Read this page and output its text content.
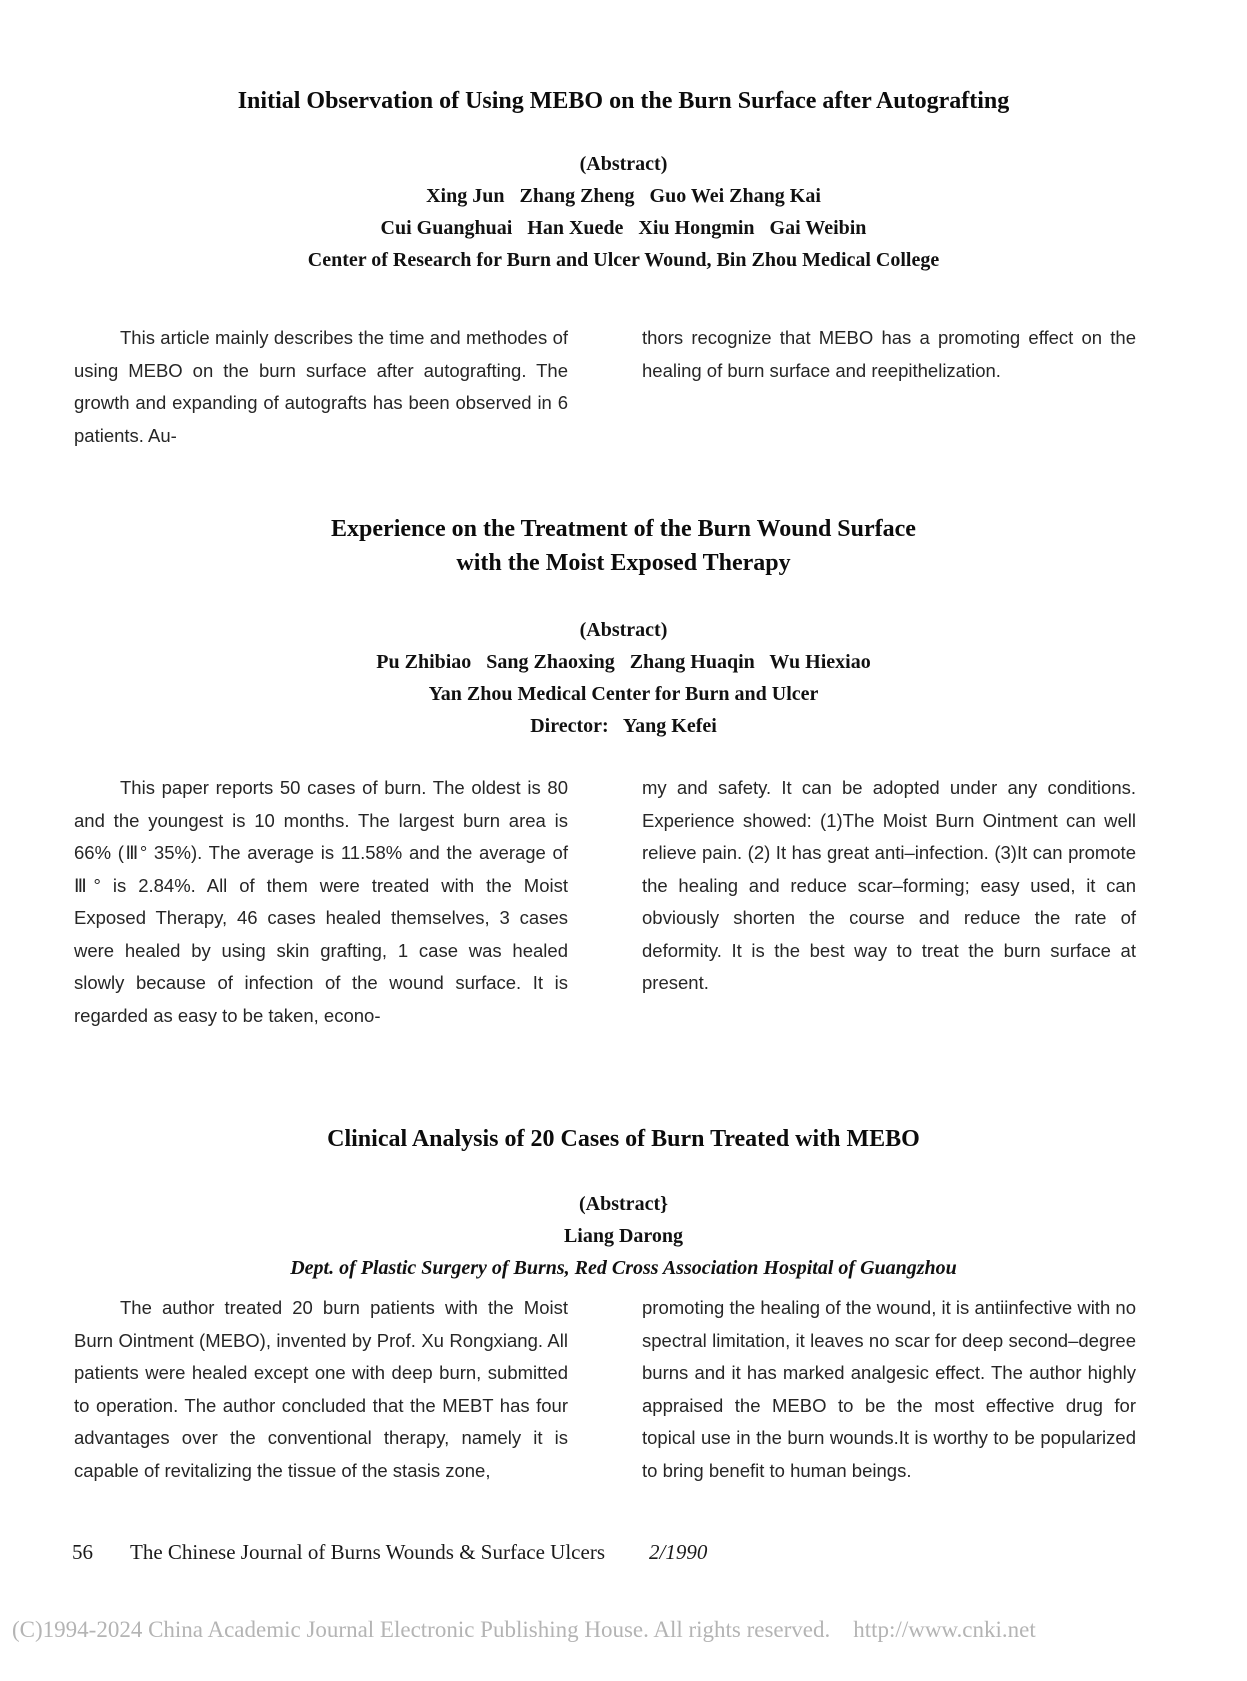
Initial Observation of Using MEBO on the Burn Surface after Autografting
(Abstract)
Xing Jun   Zhang Zheng   Guo Wei Zhang Kai
Cui Guanghuai   Han Xuede   Xiu Hongmin   Gai Weibin
Center of Research for Burn and Ulcer Wound, Bin Zhou Medical College

This article mainly describes the time and methodes of using MEBO on the burn surface after autografting. The growth and expanding of autografts has been observed in 6 patients. Au-

thors recognize that MEBO has a promoting effect on the healing of burn surface and reepithelization.

Experience on the Treatment of the Burn Wound Surface
with the Moist Exposed Therapy
(Abstract)
Pu Zhibiao   Sang Zhaoxing   Zhang Huaqin   Wu Hiexiao
Yan Zhou Medical Center for Burn and Ulcer
Director:   Yang Kefei

This paper reports 50 cases of burn. The oldest is 80 and the youngest is 10 months. The largest burn area is 66% (Ⅲ° 35%). The average is 11.58% and the average of Ⅲ° is 2.84%. All of them were treated with the Moist Exposed Therapy, 46 cases healed themselves, 3 cases were healed by using skin grafting, 1 case was healed slowly because of infection of the wound surface. It is regarded as easy to be taken, econo-

my and safety. It can be adopted under any conditions. Experience showed: (1)The Moist Burn Ointment can well relieve pain. (2) It has great anti–infection. (3)It can promote the healing and reduce scar–forming; easy used, it can obviously shorten the course and reduce the rate of deformity. It is the best way to treat the burn surface at present.

Clinical Analysis of 20 Cases of Burn Treated with MEBO
(Abstract}
Liang Darong
Dept. of Plastic Surgery of Burns, Red Cross Association Hospital of Guangzhou

The author treated 20 burn patients with the Moist Burn Ointment (MEBO), invented by Prof. Xu Rongxiang. All patients were healed except one with deep burn, submitted to operation. The author concluded that the MEBT has four advantages over the conventional therapy, namely it is capable of revitalizing the tissue of the stasis zone,

promoting the healing of the wound, it is antiinfective with no spectral limitation, it leaves no scar for deep second–degree burns and it has marked analgesic effect. The author highly appraised the MEBO to be the most effective drug for topical use in the burn wounds.It is worthy to be popularized to bring benefit to human beings.

56 The Chinese Journal of Burns Wounds & Surface Ulcers 2/1990
(C)1994-2024 China Academic Journal Electronic Publishing House. All rights reserved.    http://www.cnki.net
